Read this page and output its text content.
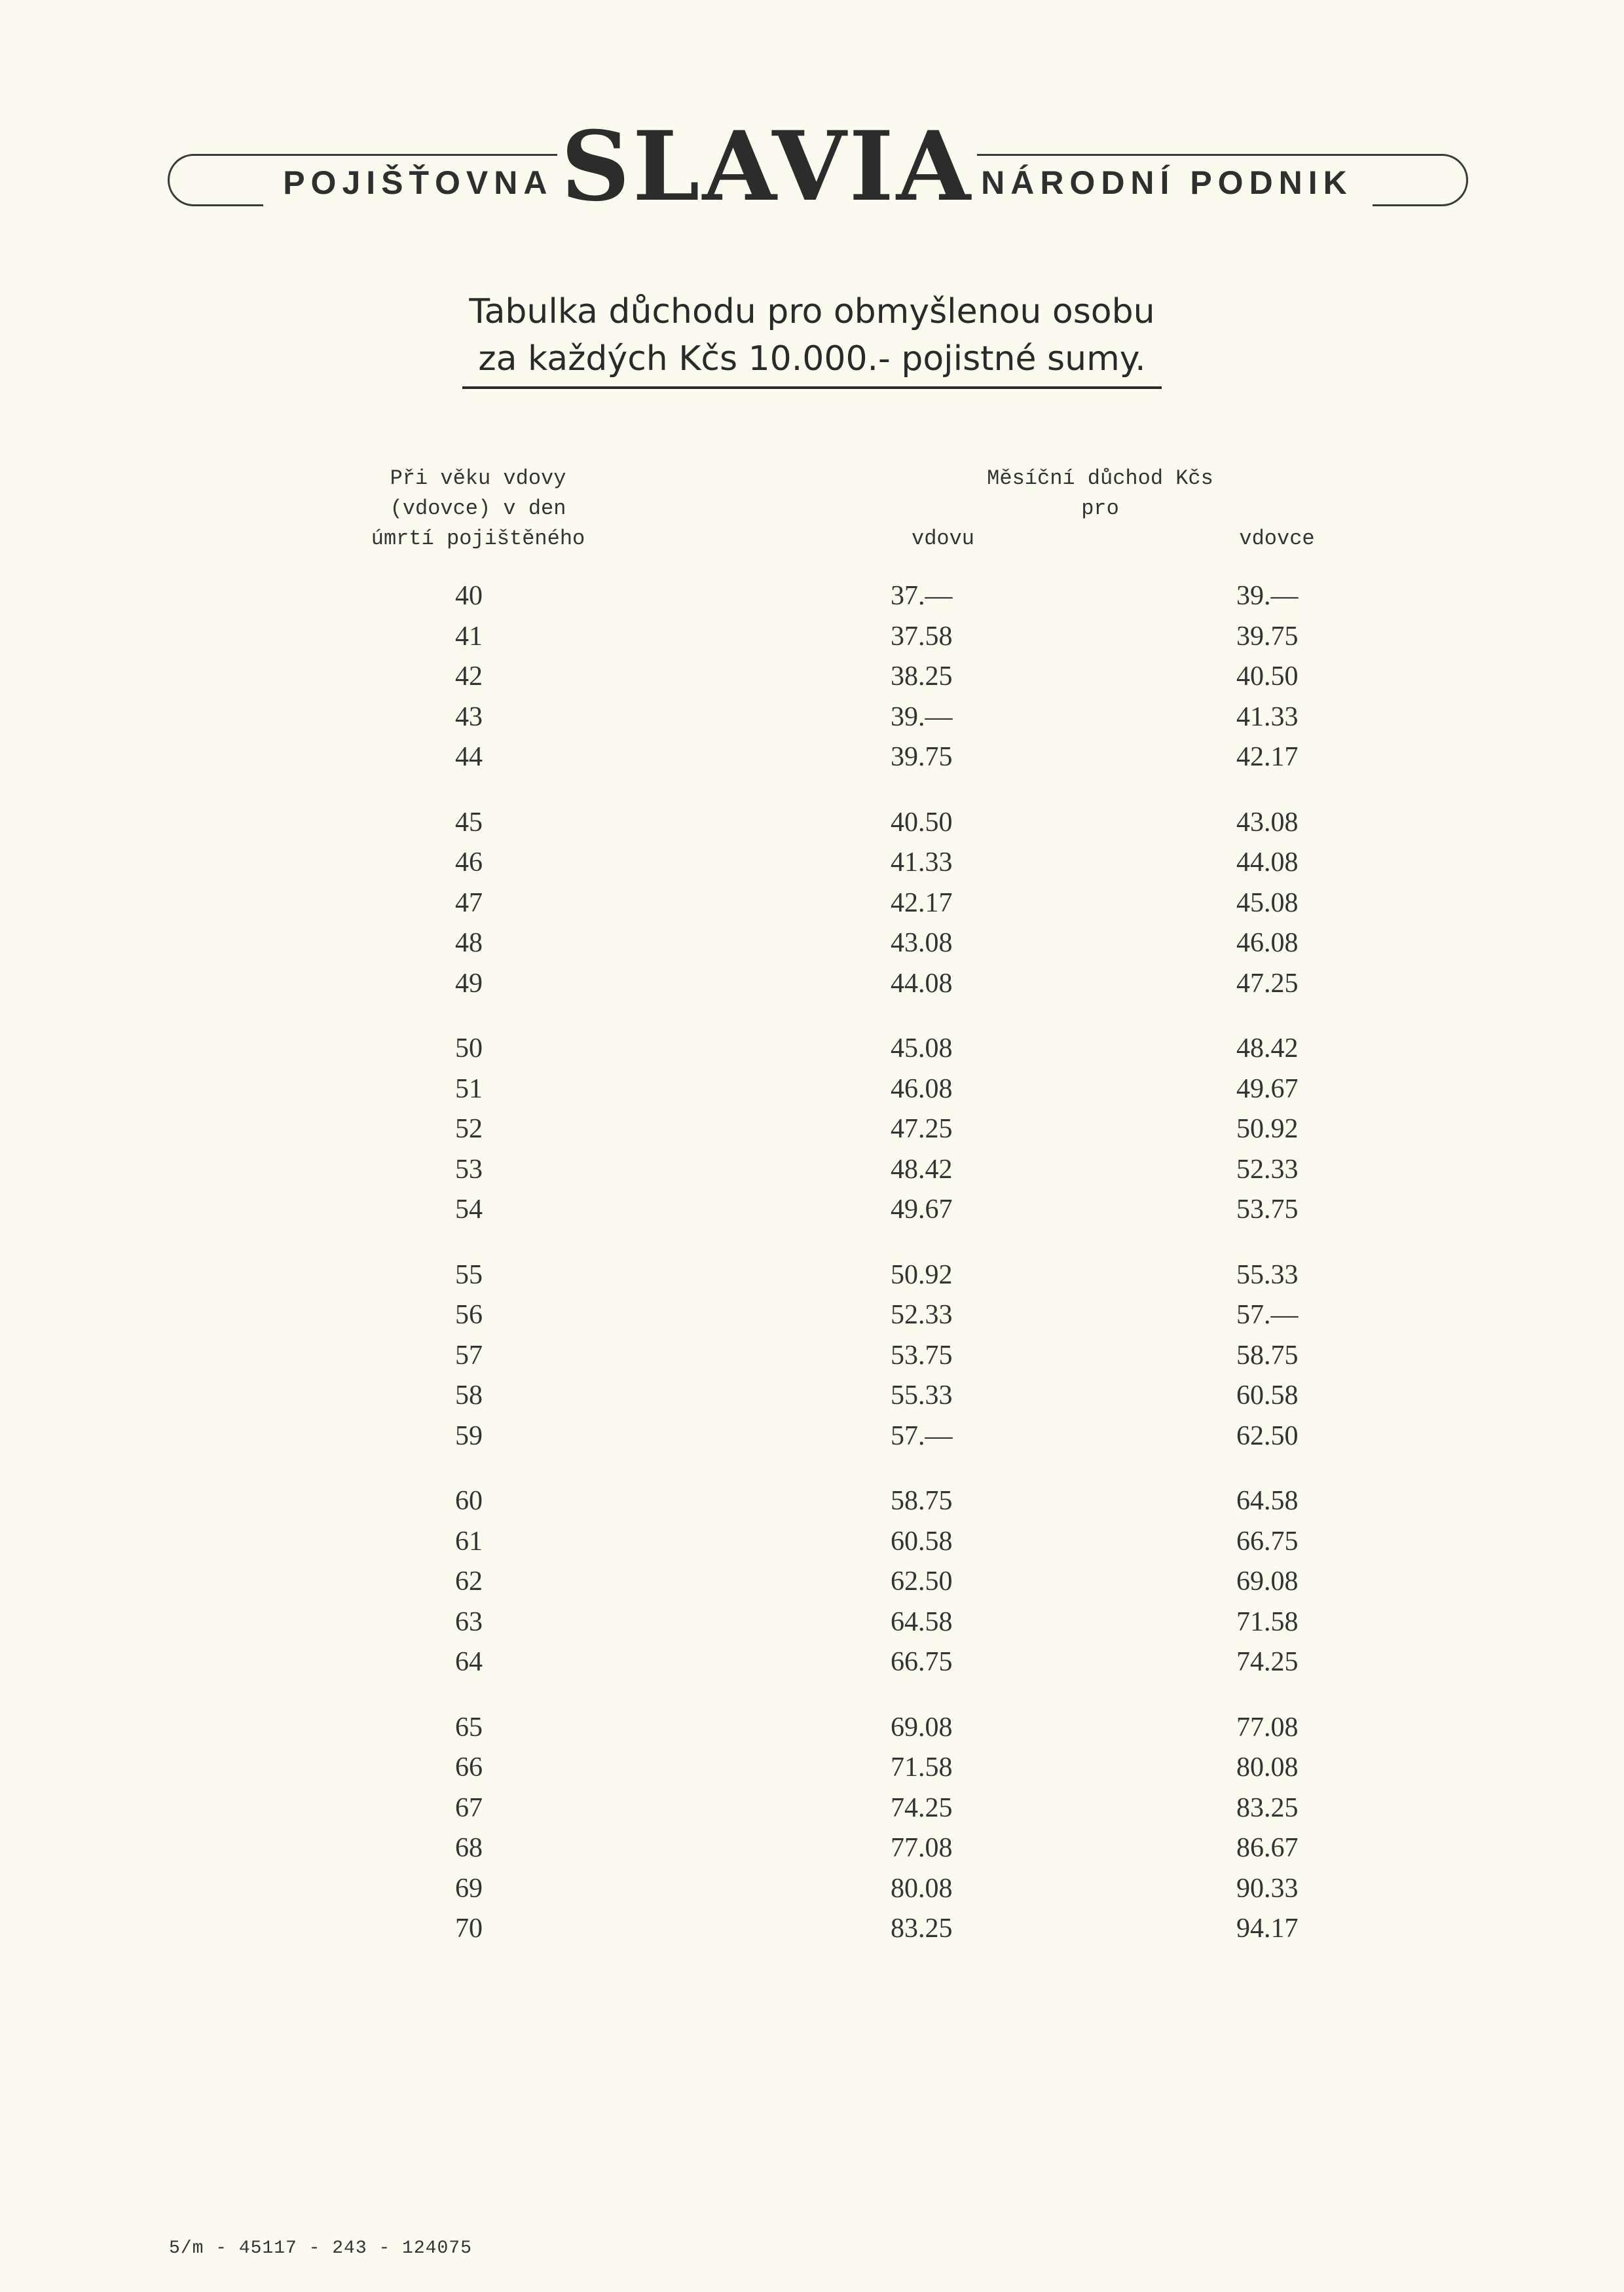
POJIŠŤOVNA SLAVIA NÁRODNÍ PODNIK
Tabulka důchodu pro obmyšlenou osobu
za každých Kčs 10.000.- pojistné sumy.
Při věku vdovy
(vdovce) v den
úmrtí pojištěného
Měsíční důchod Kčs
pro
vdovu	vdovce
40	37.—	39.—
41	37.58	39.75
42	38.25	40.50
43	39.—	41.33
44	39.75	42.17
45	40.50	43.08
46	41.33	44.08
47	42.17	45.08
48	43.08	46.08
49	44.08	47.25
50	45.08	48.42
51	46.08	49.67
52	47.25	50.92
53	48.42	52.33
54	49.67	53.75
55	50.92	55.33
56	52.33	57.—
57	53.75	58.75
58	55.33	60.58
59	57.—	62.50
60	58.75	64.58
61	60.58	66.75
62	62.50	69.08
63	64.58	71.58
64	66.75	74.25
65	69.08	77.08
66	71.58	80.08
67	74.25	83.25
68	77.08	86.67
69	80.08	90.33
70	83.25	94.17
5/m - 45117 - 243 - 124075
